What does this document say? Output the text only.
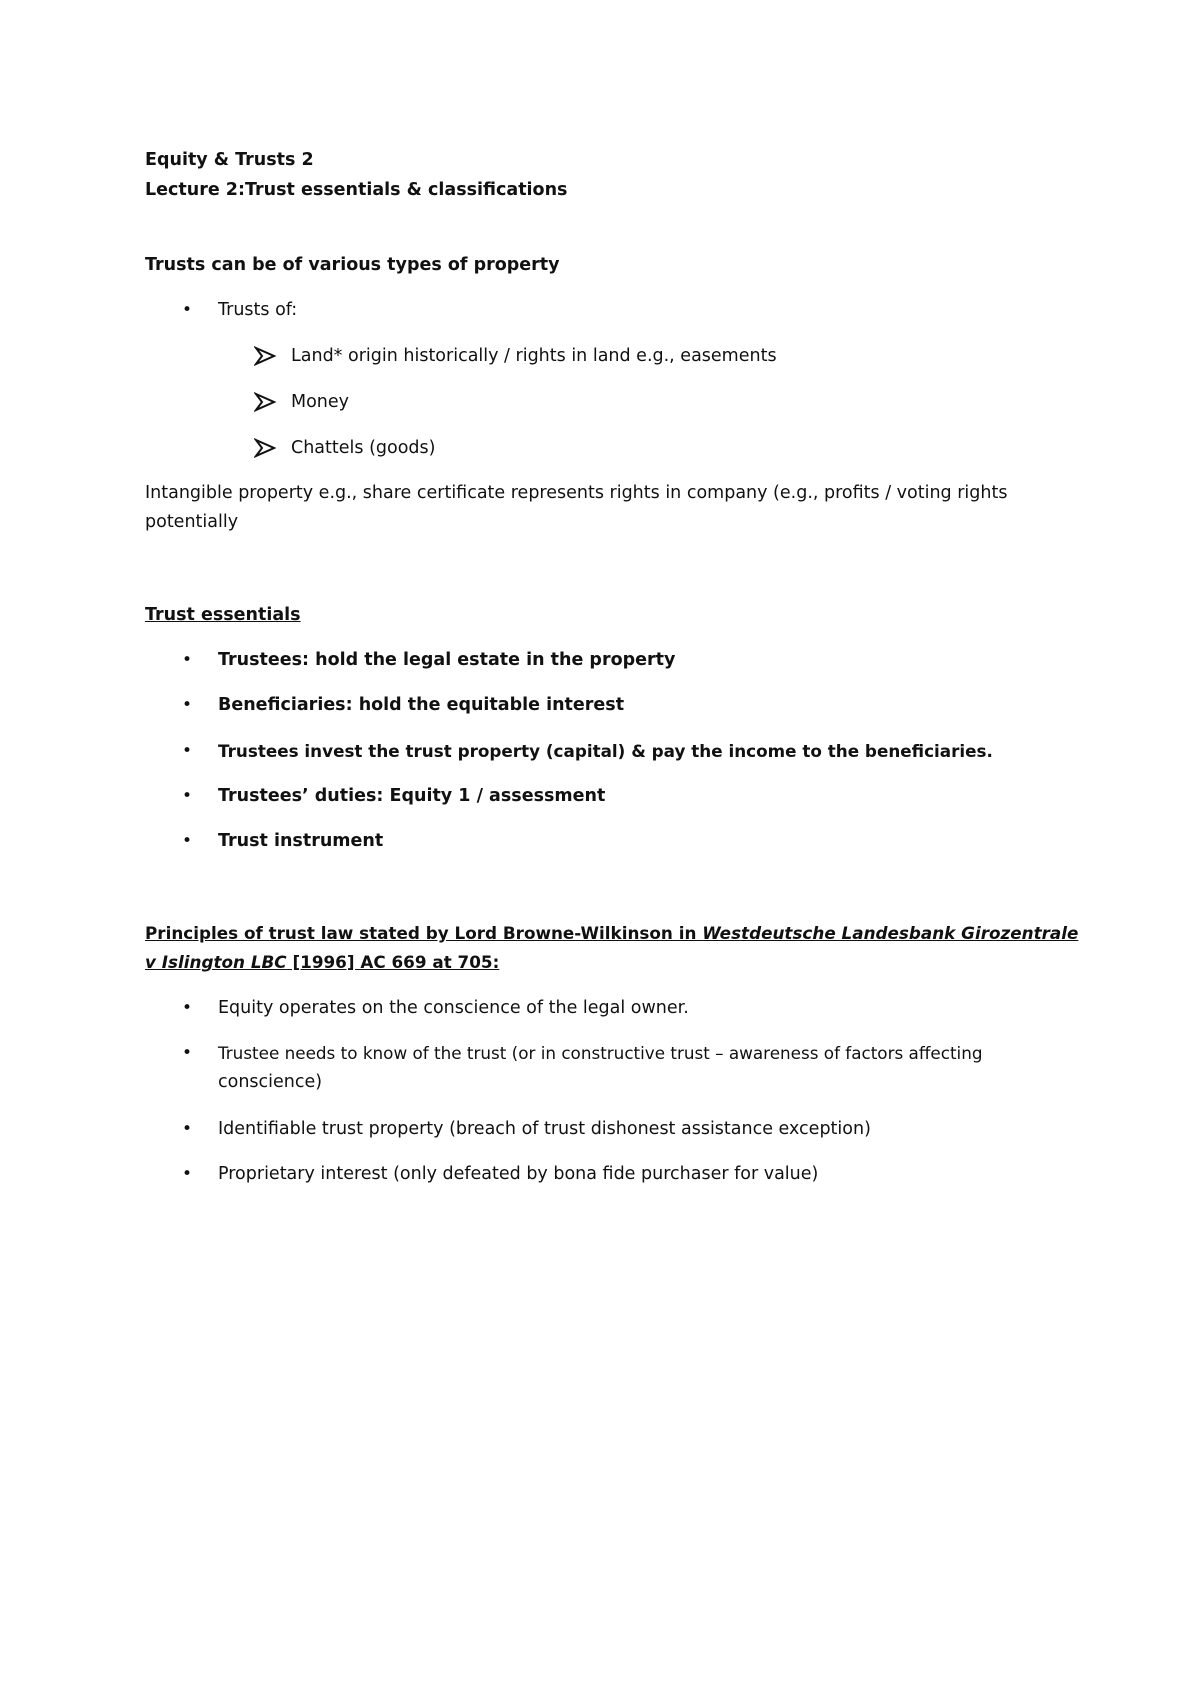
Equity & Trusts 2
Lecture 2:Trust essentials & classifications
Trusts can be of various types of property
• Trusts of:
Land* origin historically / rights in land e.g., easements
Money
Chattels (goods)
Intangible property e.g., share certificate represents rights in company (e.g., profits / voting rights
potentially
Trust essentials
• Trustees: hold the legal estate in the property
• Beneficiaries: hold the equitable interest
• Trustees invest the trust property (capital) & pay the income to the beneficiaries.
• Trustees’ duties: Equity 1 / assessment
• Trust instrument
Principles of trust law stated by Lord Browne-Wilkinson in Westdeutsche Landesbank Girozentrale
v Islington LBC [1996] AC 669 at 705:
• Equity operates on the conscience of the legal owner.
• Trustee needs to know of the trust (or in constructive trust – awareness of factors affecting
conscience)
• Identifiable trust property (breach of trust dishonest assistance exception)
• Proprietary interest (only defeated by bona fide purchaser for value)
